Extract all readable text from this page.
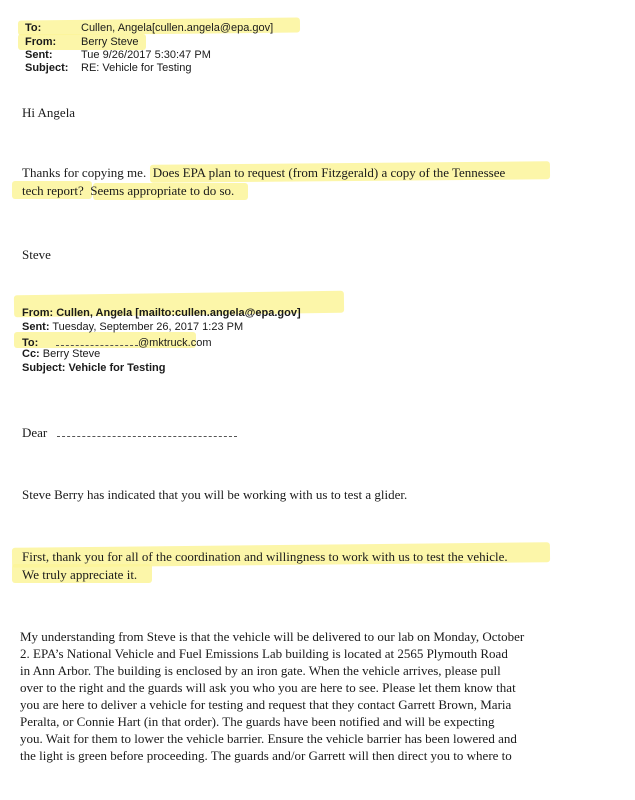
To:	Cullen, Angela[cullen.angela@epa.gov]
From: Berry Steve
Sent:	Tue 9/26/2017 5:30:47 PM
Subject: RE: Vehicle for Testing
Hi Angela
Thanks for copying me. Does EPA plan to request (from Fitzgerald) a copy of the Tennessee
tech report? Seems appropriate to do so.
Steve
From: Cullen, Angela [mailto:cullen.angela@epa.gov]
Sent: Tuesday, September 26, 2017 1:23 PM
To:	@mktruck.com
Cc: Berry Steve
Subject: Vehicle for Testing
Dear
Steve Berry has indicated that you will be working with us to test a glider.
First, thank you for all of the coordination and willingness to work with us to test the vehicle.
We truly appreciate it.
My understanding from Steve is that the vehicle will be delivered to our lab on Monday, October
2. EPA’s National Vehicle and Fuel Emissions Lab building is located at 2565 Plymouth Road
in Ann Arbor. The building is enclosed by an iron gate. When the vehicle arrives, please pull
over to the right and the guards will ask you who you are here to see. Please let them know that
you are here to deliver a vehicle for testing and request that they contact Garrett Brown, Maria
Peralta, or Connie Hart (in that order). The guards have been notified and will be expecting
you. Wait for them to lower the vehicle barrier. Ensure the vehicle barrier has been lowered and
the light is green before proceeding. The guards and/or Garrett will then direct you to where to
